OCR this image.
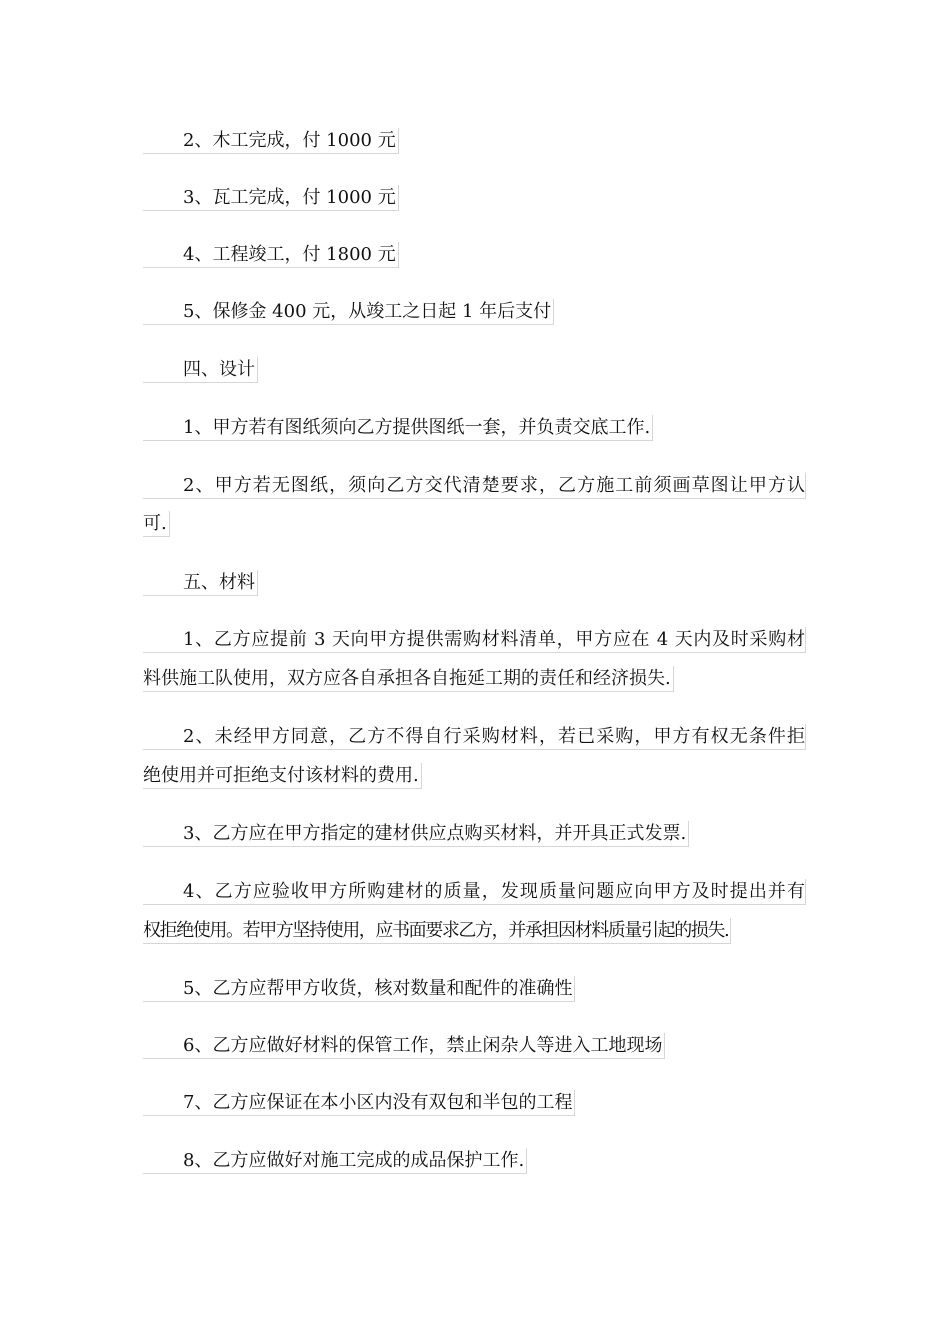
2、木工完成，付 1000 元
3、瓦工完成，付 1000 元
4、工程竣工，付 1800 元
5、保修金 400 元，从竣工之日起 1 年后支付
四、设计
1、甲方若有图纸须向乙方提供图纸一套，并负责交底工作.
2、甲方若无图纸，须向乙方交代清楚要求，乙方施工前须画草图让甲方认
可.
五、材料
1、乙方应提前 3 天向甲方提供需购材料清单，甲方应在 4 天内及时采购材
料供施工队使用，双方应各自承担各自拖延工期的责任和经济损失.
2、未经甲方同意，乙方不得自行采购材料，若已采购，甲方有权无条件拒
绝使用并可拒绝支付该材料的费用.
3、乙方应在甲方指定的建材供应点购买材料，并开具正式发票.
4、乙方应验收甲方所购建材的质量，发现质量问题应向甲方及时提出并有
权拒绝使用。若甲方坚持使用，应书面要求乙方，并承担因材料质量引起的损失.
5、乙方应帮甲方收货，核对数量和配件的准确性
6、乙方应做好材料的保管工作，禁止闲杂人等进入工地现场
7、乙方应保证在本小区内没有双包和半包的工程
8、乙方应做好对施工完成的成品保护工作.
